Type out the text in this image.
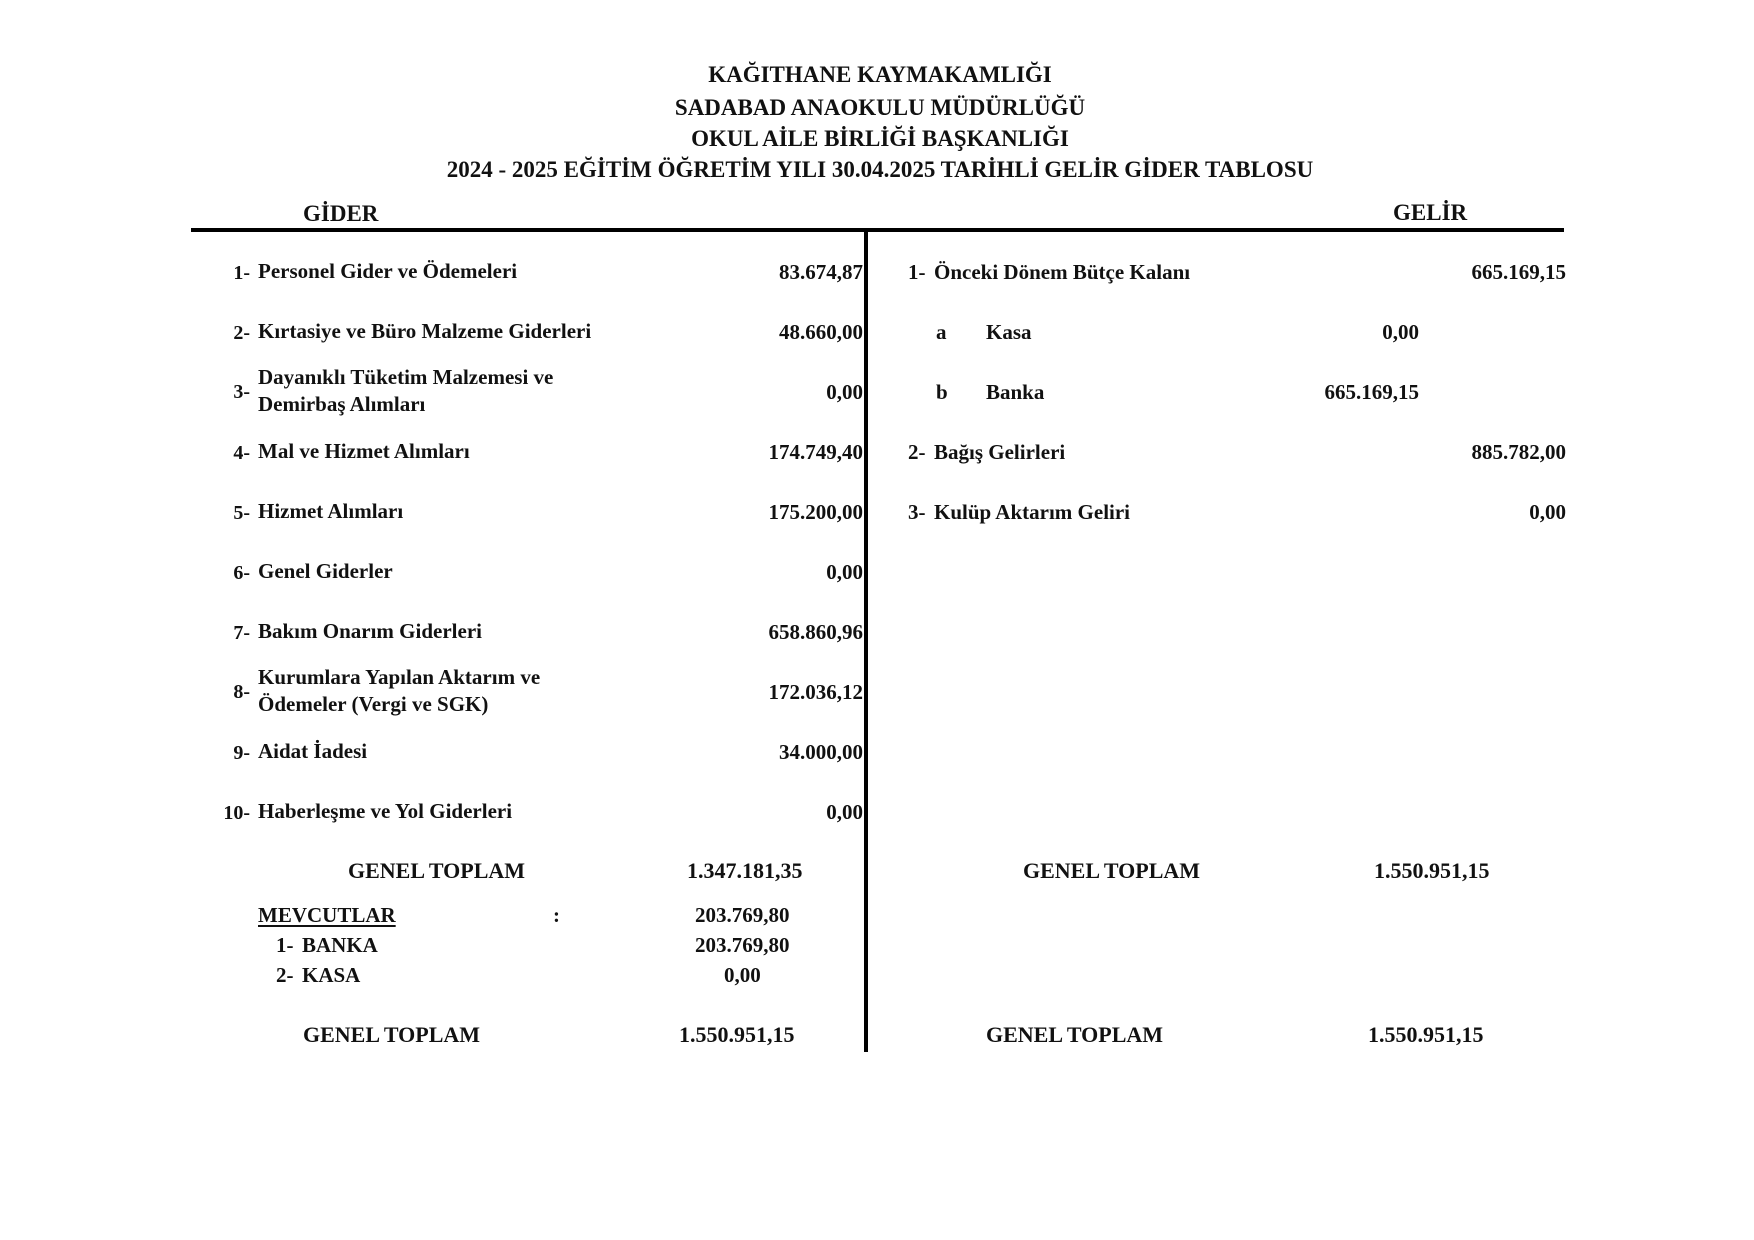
KAĞITHANE KAYMAKAMLIĞI
SADABAD ANAOKULU MÜDÜRLÜĞÜ
OKUL AİLE BİRLİĞİ BAŞKANLIĞI
2024 - 2025 EĞİTİM ÖĞRETİM YILI 30.04.2025 TARİHLİ GELİR GİDER TABLOSU
GİDER	GELİR
1- Personel Gider ve Ödemeleri	83.674,87
2- Kırtasiye ve Büro Malzeme Giderleri	48.660,00
3-
Dayanıklı Tüketim Malzemesi ve
Demirbaş Alımları	0,00
4- Mal ve Hizmet Alımları	174.749,40
5- Hizmet Alımları	175.200,00
6- Genel Giderler	0,00
7- Bakım Onarım Giderleri	658.860,96
8-
Kurumlara Yapılan Aktarım ve
Ödemeler (Vergi ve SGK)	172.036,12
9- Aidat İadesi	34.000,00
10- Haberleşme ve Yol Giderleri	0,00
GENEL TOPLAM	1.347.181,35
MEVCUTLAR	:	203.769,80
1- BANKA	203.769,80
2- KASA	0,00
GENEL TOPLAM	1.550.951,15
1- Önceki Dönem Bütçe Kalanı	665.169,15
a Kasa	0,00
b Banka	665.169,15
2- Bağış Gelirleri	885.782,00
3- Kulüp Aktarım Geliri	0,00
GENEL TOPLAM	1.550.951,15
GENEL TOPLAM	1.550.951,15
